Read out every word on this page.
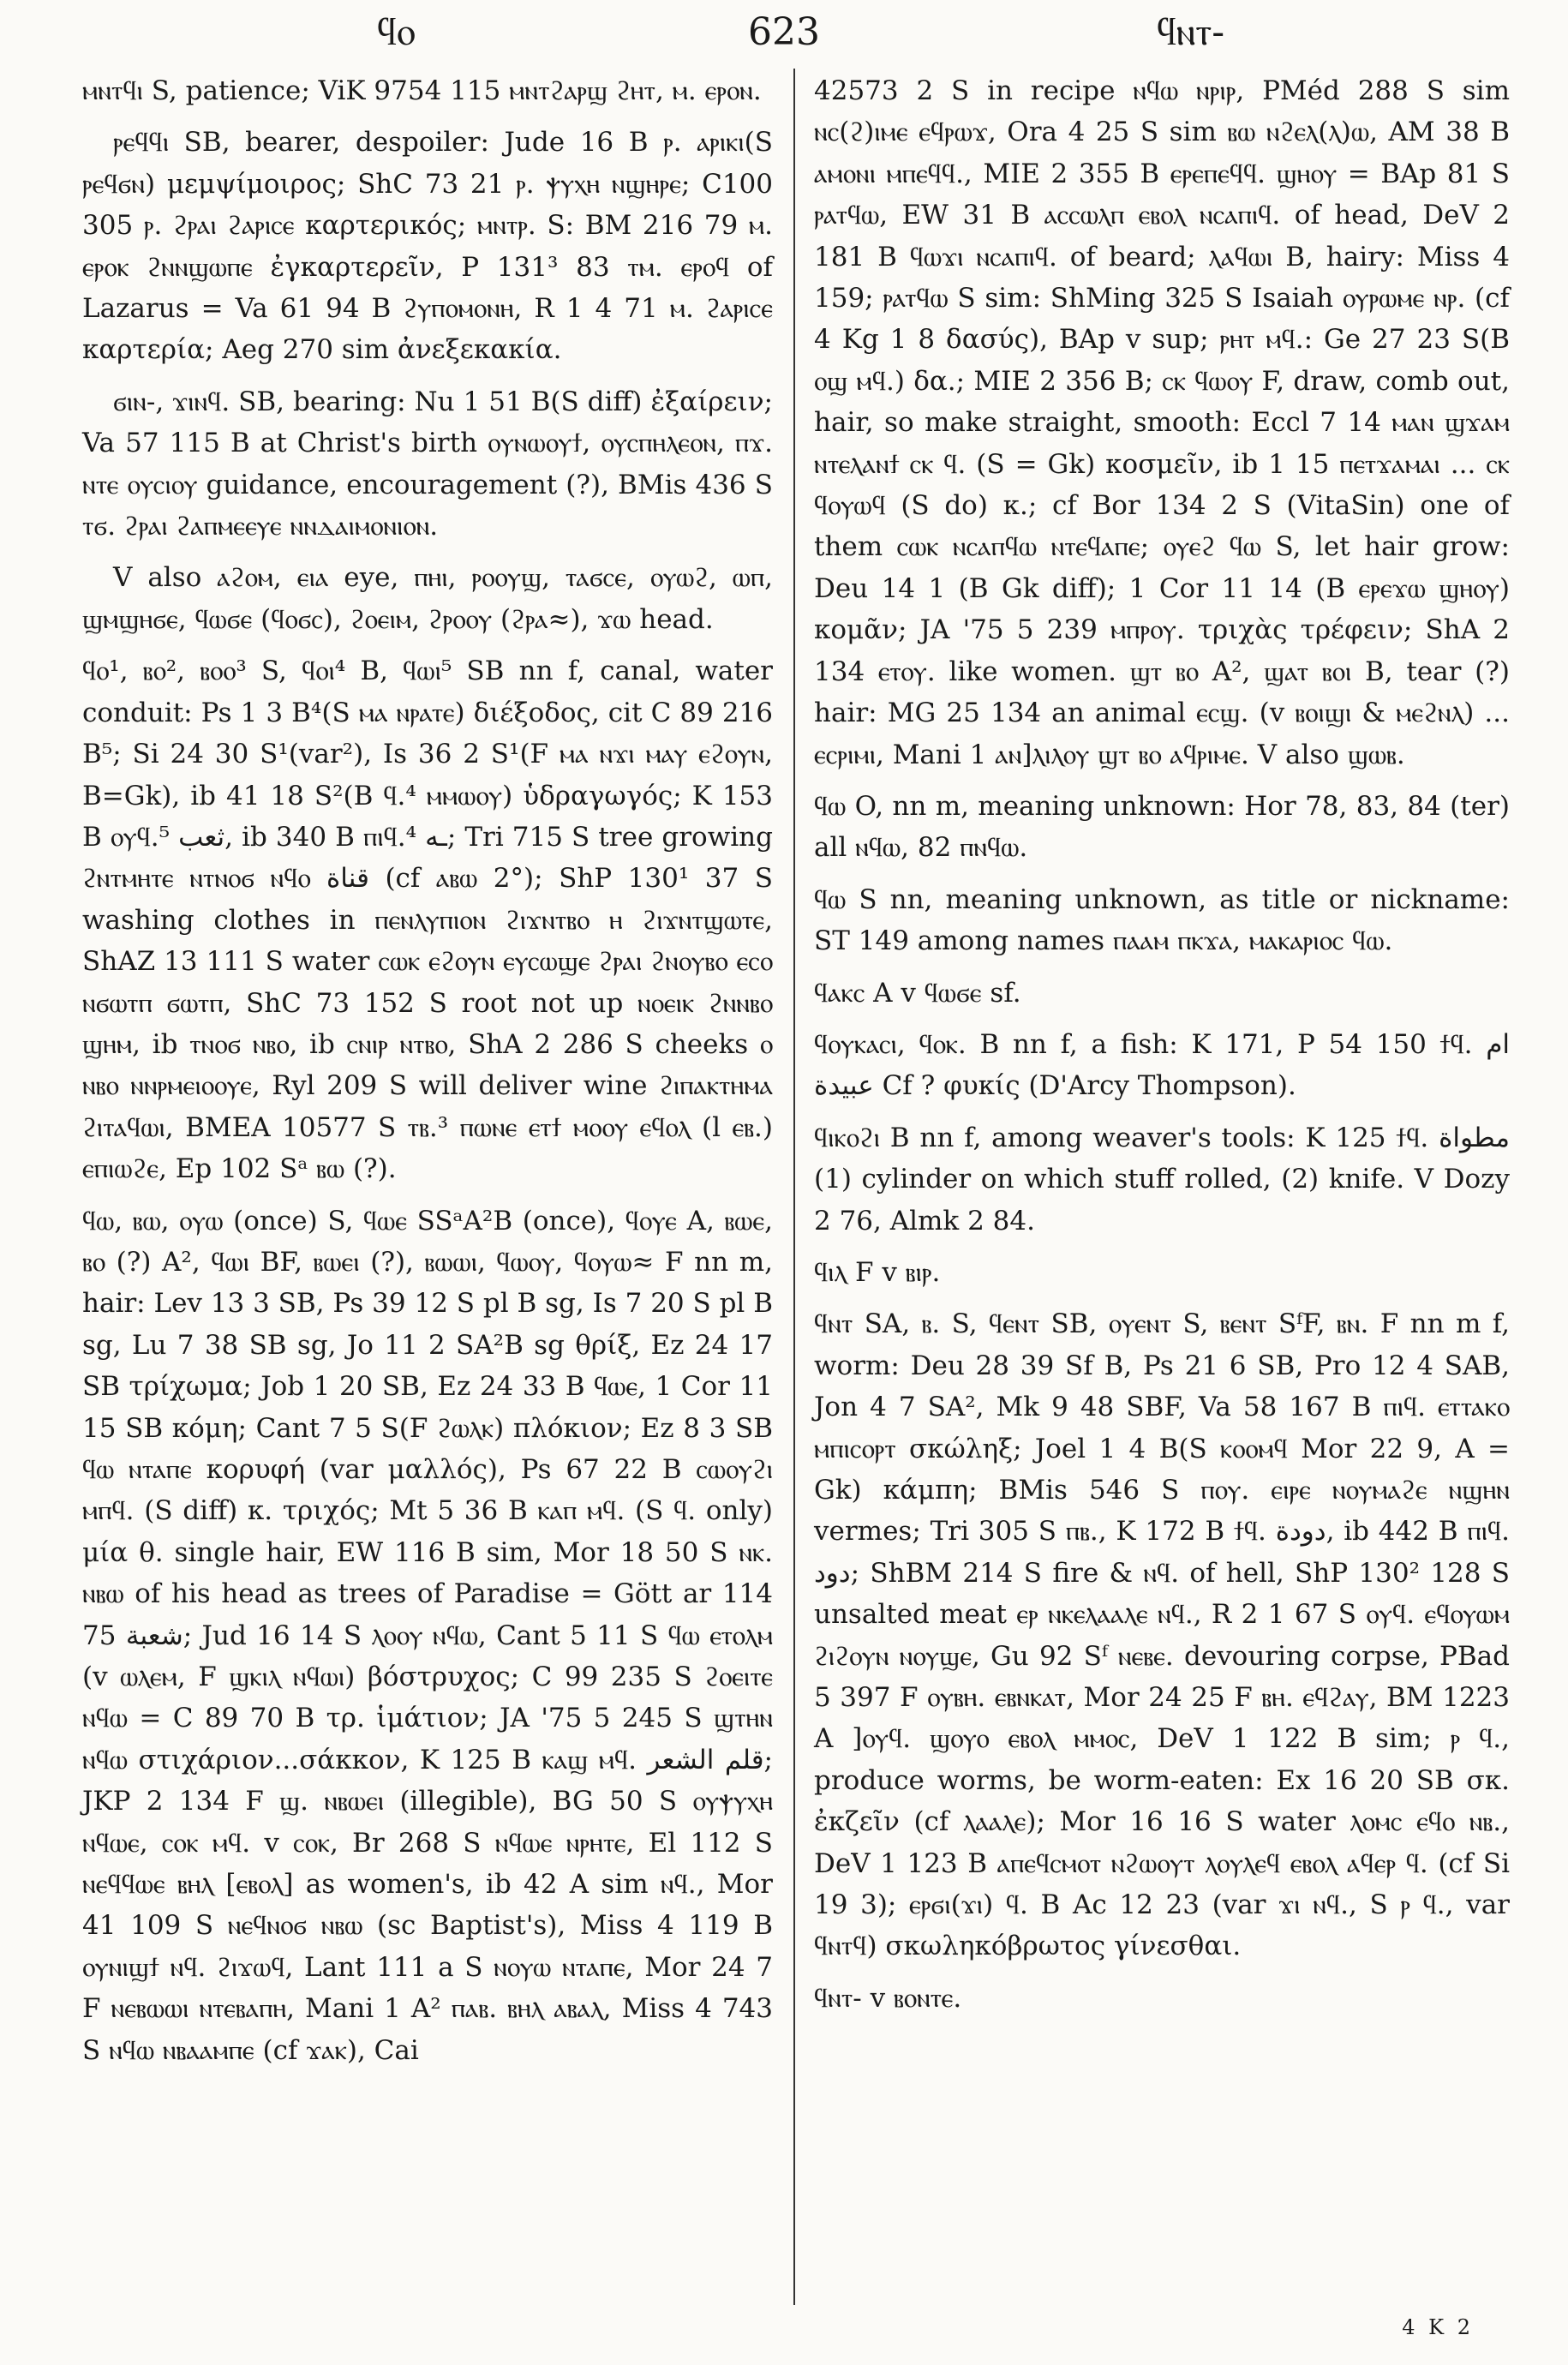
ϥⲟ	623	ϥⲛⲧ-

ⲙⲛⲧϥⲓ S, patience; ViK 9754 115 ⲙⲛⲧϩⲁⲣϣ ϩⲏⲧ, ⲙ. ⲉⲣⲟⲛ.

ⲣⲉϥϥⲓ SB, bearer, despoiler: Jude 16 B ⲣ. ⲁⲣⲓⲕⲓ(S ⲣⲉϥϭⲛ) μεμψίμοιρος; ShC 73 21 ⲣ. ⲯⲩⲭⲏ ⲛϣⲏⲣⲉ; C100 305 ⲣ. ϩⲣⲁⲓ ϩⲁⲣⲓⲥⲉ καρτερικός; ⲙⲛⲧⲣ. S: BM 216 79 ⲙ. ⲉⲣⲟⲕ ϩⲛⲛϣⲱⲡⲉ ἐγκαρτερεῖν, P 131³ 83 ⲧⲙ. ⲉⲣⲟϥ of Lazarus = Va 61 94 B ϩⲩⲡⲟⲙⲟⲛⲏ, R 1 4 71 ⲙ. ϩⲁⲣⲓⲥⲉ καρτερία; Aeg 270 sim ἀνεξεκακία.

ϭⲓⲛ-, ϫⲓⲛϥ. SB, bearing: Nu 1 51 B(S diff) ἐξαίρειν; Va 57 115 B at Christ's birth ⲟⲩⲛⲱⲟⲩϯ, ⲟⲩⲥⲡⲏⲗⲉⲟⲛ, ⲡϫ. ⲛⲧⲉ ⲟⲩⲥⲓⲟⲩ guidance, encouragement (?), BMis 436 S ⲧϭ. ϩⲣⲁⲓ ϩⲁⲡⲙⲉⲉⲩⲉ ⲛⲛⲇⲁⲓⲙⲟⲛⲓⲟⲛ.

V also ⲁϩⲟⲙ, ⲉⲓⲁ eye, ⲡⲏⲓ, ⲣⲟⲟⲩϣ, ⲧⲁϭⲥⲉ, ⲟⲩⲱϩ, ⲱⲡ, ϣⲙϣⲏϭⲉ, ϥⲱϭⲉ (ϥⲟϭⲥ), ϩⲟⲉⲓⲙ, ϩⲣⲟⲟⲩ (ϩⲣⲁ≈), ϫⲱ head.

ϥⲟ¹, ⲃⲟ², ⲃⲟⲟ³ S, ϥⲟⲓ⁴ B, ϥⲱⲓ⁵ SB nn f, canal, water conduit: Ps 1 3 B⁴(S ⲙⲁ ⲛⲣⲁⲧⲉ) διέξοδος, cit C 89 216 B⁵; Si 24 30 S¹(var²), Is 36 2 S¹(F ⲙⲁ ⲛϫⲓ ⲙⲁⲩ ⲉϩⲟⲩⲛ, B=Gk), ib 41 18 S²(B ϥ.⁴ ⲙⲙⲱⲟⲩ) ὑδραγωγός; K 153 B ⲟⲩϥ.⁵ ثعب, ib 340 B ⲡⲓϥ.⁴ ـه; Tri 715 S tree growing ϩⲛⲧⲙⲏⲧⲉ ⲛⲧⲛⲟϭ ⲛϥⲟ قناة (cf ⲁⲃⲱ 2°); ShP 130¹ 37 S washing clothes in ⲡⲉⲛⲗⲩⲡⲓⲟⲛ ϩⲓϫⲛⲧⲃⲟ ⲏ ϩⲓϫⲛⲧϣⲱⲧⲉ, ShAZ 13 111 S water ⲥⲱⲕ ⲉϩⲟⲩⲛ ⲉⲩⲥⲱϣⲉ ϩⲣⲁⲓ ϩⲛⲟⲩⲃⲟ ⲉⲥⲟ ⲛϭⲱⲧⲡ ϭⲱⲧⲡ, ShC 73 152 S root not up ⲛⲟⲉⲓⲕ ϩⲛⲛⲃⲟ ϣⲏⲙ, ib ⲧⲛⲟϭ ⲛⲃⲟ, ib ⲥⲛⲓⲣ ⲛⲧⲃⲟ, ShA 2 286 S cheeks ⲟ ⲛⲃⲟ ⲛⲛⲣⲙⲉⲓⲟⲟⲩⲉ, Ryl 209 S will deliver wine ϩⲓⲡⲁⲕⲧⲏⲙⲁ ϩⲓⲧⲁϥⲱⲓ, BMEA 10577 S ⲧⲃ.³ ⲡⲱⲛⲉ ⲉⲧϯ ⲙⲟⲟⲩ ⲉϥⲟⲗ (l ⲉⲃ.) ⲉⲡⲓⲱϩⲉ, Ep 102 Sᵃ ⲃⲱ (?).

ϥⲱ, ⲃⲱ, ⲟⲩⲱ (once) S, ϥⲱⲉ SSᵃA²B (once), ϥⲟⲩⲉ A, ⲃⲱⲉ, ⲃⲟ (?) A², ϥⲱⲓ BF, ⲃⲱⲉⲓ (?), ⲃⲱⲱⲓ, ϥⲱⲟⲩ, ϥⲟⲩⲱ≈ F nn m, hair: Lev 13 3 SB, Ps 39 12 S pl B sg, Is 7 20 S pl B sg, Lu 7 38 SB sg, Jo 11 2 SA²B sg θρίξ, Ez 24 17 SB τρίχωμα; Job 1 20 SB, Ez 24 33 B ϥⲱⲉ, 1 Cor 11 15 SB κόμη; Cant 7 5 S(F ϩⲱⲗⲕ) πλόκιον; Ez 8 3 SB ϥⲱ ⲛⲧⲁⲡⲉ κορυφή (var μαλλός), Ps 67 22 B ⲥⲱⲟⲩϩⲓ ⲙⲡϥ. (S diff) κ. τριχός; Mt 5 36 B ⲕⲁⲡ ⲙϥ. (S ϥ. only) μία θ. single hair, EW 116 B sim, Mor 18 50 S ⲛⲕ. ⲛⲃⲱ of his head as trees of Paradise = Gött ar 114 75 شعبة; Jud 16 14 S ⲗⲟⲟⲩ ⲛϥⲱ, Cant 5 11 S ϥⲱ ⲉⲧⲟⲗⲙ (v ⲱⲗⲉⲙ, F ϣⲕⲓⲗ ⲛϥⲱⲓ) βόστρυχος; C 99 235 S ϩⲟⲉⲓⲧⲉ ⲛϥⲱ = C 89 70 B τρ. ἱμάτιον; JA '75 5 245 S ϣⲧⲏⲛ ⲛϥⲱ στιχάριον...σάκκον, K 125 B ⲕⲁϣ ⲙϥ. قلم الشعر; JKP 2 134 F ϣ. ⲛⲃⲱⲉⲓ (illegible), BG 50 S ⲟⲩⲯⲩⲭⲏ ⲛϥⲱⲉ, ⲥⲟⲕ ⲙϥ. v ⲥⲟⲕ, Br 268 S ⲛϥⲱⲉ ⲛⲣⲏⲧⲉ, El 112 S ⲛⲉϥϥⲱⲉ ⲃⲏⲗ [ⲉⲃⲟⲗ] as women's, ib 42 A sim ⲛϥ., Mor 41 109 S ⲛⲉϥⲛⲟϭ ⲛⲃⲱ (sc Baptist's), Miss 4 119 B ⲟⲩⲛⲓϣϯ ⲛϥ. ϩⲓϫⲱϥ, Lant 111 a S ⲛⲟⲩⲱ ⲛⲧⲁⲡⲉ, Mor 24 7 F ⲛⲉⲃⲱⲱⲓ ⲛⲧⲉⲃⲁⲡⲏ, Mani 1 A² ⲡⲁⲃ. ⲃⲏⲗ ⲁⲃⲁⲗ, Miss 4 743 S ⲛϥⲱ ⲛⲃⲁⲁⲙⲡⲉ (cf ϫⲁⲕ), Cai

42573 2 S in recipe ⲛϥⲱ ⲛⲣⲓⲣ, PMéd 288 S sim ⲛⲥ(ϩ)ⲓⲙⲉ ⲉϥⲣⲱϫ, Ora 4 25 S sim ⲃⲱ ⲛϩⲉⲗ(ⲗ)ⲱ, AM 38 B ⲁⲙⲟⲛⲓ ⲙⲡⲉϥϥ., MIE 2 355 B ⲉⲣⲉⲡⲉϥϥ. ϣⲏⲟⲩ = BAp 81 S ⲣⲁⲧϥⲱ, EW 31 B ⲁⲥⲥⲱⲗⲡ ⲉⲃⲟⲗ ⲛⲥⲁⲡⲓϥ. of head, DeV 2 181 B ϥⲱϫⲓ ⲛⲥⲁⲡⲓϥ. of beard; ⲗⲁϥⲱⲓ B, hairy: Miss 4 159; ⲣⲁⲧϥⲱ S sim: ShMing 325 S Isaiah ⲟⲩⲣⲱⲙⲉ ⲛⲣ. (cf 4 Kg 1 8 δασύς), BAp v sup; ⲣⲏⲧ ⲙϥ.: Ge 27 23 S(B ⲟϣ ⲙϥ.) δα.; MIE 2 356 B; ⲥⲕ ϥⲱⲟⲩ F, draw, comb out, hair, so make straight, smooth: Eccl 7 14 ⲙⲁⲛ ϣϫⲁⲙ ⲛⲧⲉⲗⲁⲛϯ ⲥⲕ ϥ. (S = Gk) κοσμεῖν, ib 1 15 ⲡⲉⲧϫⲁⲙⲁⲓ ... ⲥⲕ ϥⲟⲩⲱϥ (S do) κ.; cf Bor 134 2 S (VitaSin) one of them ⲥⲱⲕ ⲛⲥⲁⲡϥⲱ ⲛⲧⲉϥⲁⲡⲉ; ⲟⲩⲉϩ ϥⲱ S, let hair grow: Deu 14 1 (B Gk diff); 1 Cor 11 14 (B ⲉⲣⲉϫⲱ ϣⲏⲟⲩ) κομᾶν; JA '75 5 239 ⲙⲡⲣⲟⲩ. τριχὰς τρέφειν; ShA 2 134 ⲉⲧⲟⲩ. like women. ϣⲧ ⲃⲟ A², ϣⲁⲧ ⲃⲟⲓ B, tear (?) hair: MG 25 134 an animal ⲉⲥϣ. (v ⲃⲟⲓϣⲓ & ⲙⲉϩⲛⲗ) ... ⲉⲥⲣⲓⲙⲓ, Mani 1 ⲁⲛ]ⲗⲓⲗⲟⲩ ϣⲧ ⲃⲟ ⲁϥⲣⲓⲙⲉ. V also ϣⲱⲃ.

ϥⲱ O, nn m, meaning unknown: Hor 78, 83, 84 (ter) all ⲛϥⲱ, 82 ⲡⲛϥⲱ.

ϥⲱ S nn, meaning unknown, as title or nickname: ST 149 among names ⲡⲁⲁⲙ ⲡⲕϫⲁ, ⲙⲁⲕⲁⲣⲓⲟⲥ ϥⲱ.

ϥⲁⲕⲥ A v ϥⲱϭⲉ sf.

ϥⲟⲩⲕⲁⲥⲓ, ϥⲟⲕ. B nn f, a fish: K 171, P 54 150 ϯϥ. ام عبيدة Cf ? φυκίς (D'Arcy Thompson).

ϥⲓⲕⲟϩⲓ B nn f, among weaver's tools: K 125 ϯϥ. مطواة (1) cylinder on which stuff rolled, (2) knife. V Dozy 2 76, Almk 2 84.

ϥⲓⲗ F v ⲃⲓⲣ.

ϥⲛⲧ SA, ⲃ. S, ϥⲉⲛⲧ SB, ⲟⲩⲉⲛⲧ S, ⲃⲉⲛⲧ SᶠF, ⲃⲛ. F nn m f, worm: Deu 28 39 Sf B, Ps 21 6 SB, Pro 12 4 SAB, Jon 4 7 SA², Mk 9 48 SBF, Va 58 167 B ⲡⲓϥ. ⲉⲧⲧⲁⲕⲟ ⲙⲡⲓⲥⲟⲣⲧ σκώληξ; Joel 1 4 B(S ⲕⲟⲟⲙϥ Mor 22 9, A = Gk) κάμπη; BMis 546 S ⲡⲟⲩ. ⲉⲓⲣⲉ ⲛⲟⲩⲙⲁϩⲉ ⲛϣⲏⲛ vermes; Tri 305 S ⲡⲃ., K 172 B ϯϥ. دودة, ib 442 B ⲡⲓϥ. دود; ShBM 214 S fire & ⲛϥ. of hell, ShP 130² 128 S unsalted meat ⲉⲣ ⲛⲕⲉⲗⲁⲁⲗⲉ ⲛϥ., R 2 1 67 S ⲟⲩϥ. ⲉϥⲟⲩⲱⲙ ϩⲓϩⲟⲩⲛ ⲛⲟⲩϣⲉ, Gu 92 Sᶠ ⲛⲉⲃⲉ. devouring corpse, PBad 5 397 F ⲟⲩⲃⲏ. ⲉⲃⲛⲕⲁⲧ, Mor 24 25 F ⲃⲏ. ⲉϥϩⲁⲩ, BM 1223 A ]ⲟⲩϥ. ϣⲟⲩⲟ ⲉⲃⲟⲗ ⲙⲙⲟⲥ, DeV 1 122 B sim; ⲣ ϥ., produce worms, be worm-eaten: Ex 16 20 SB σκ. ἐκζεῖν (cf ⲗⲁⲁⲗⲉ); Mor 16 16 S water ⲗⲟⲙⲥ ⲉϥⲟ ⲛⲃ., DeV 1 123 B ⲁⲡⲉϥⲥⲙⲟⲧ ⲛϩⲱⲟⲩⲧ ⲗⲟⲩⲗⲉϥ ⲉⲃⲟⲗ ⲁϥⲉⲣ ϥ. (cf Si 19 3); ⲉⲣϭⲓ(ϫⲓ) ϥ. B Ac 12 23 (var ϫⲓ ⲛϥ., S ⲣ ϥ., var ϥⲛⲧϥ) σκωληκόβρωτος γίνεσθαι.

ϥⲛⲧ- v ⲃⲟⲛⲧⲉ.

4 K 2
